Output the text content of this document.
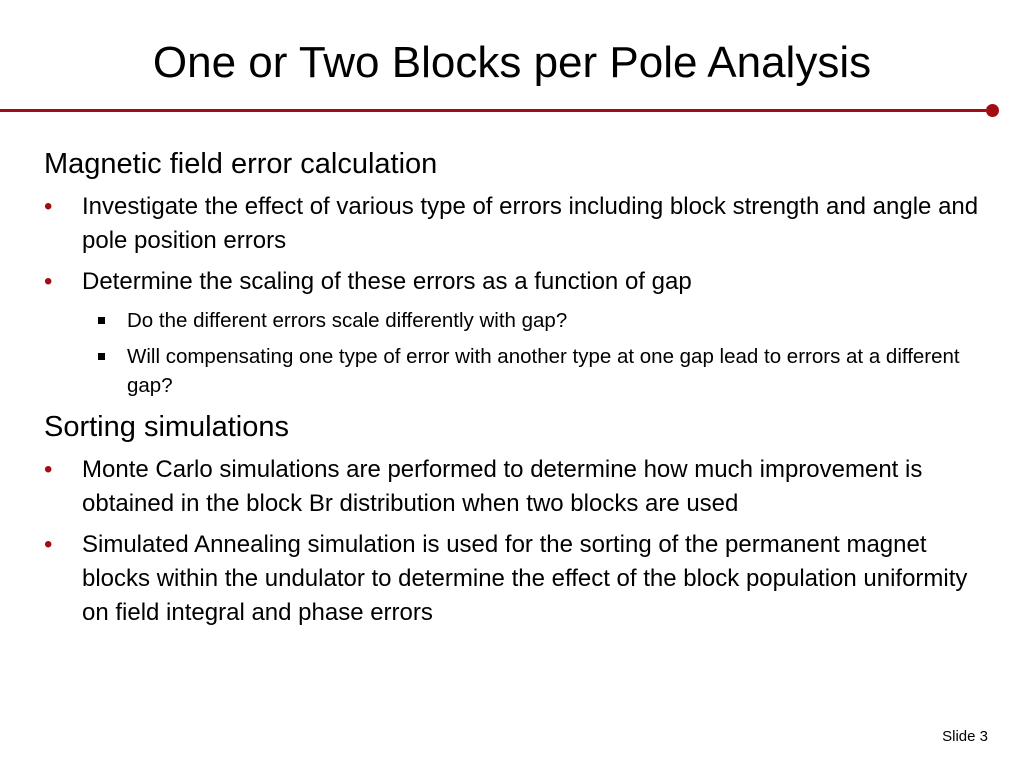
One or Two Blocks per Pole Analysis
Magnetic field error calculation
• Investigate the effect of various type of errors including block strength and angle and pole position errors
• Determine the scaling of these errors as a function of gap
Do the different errors scale differently with gap?
Will compensating one type of error with another type at one gap lead to errors at a different gap?
Sorting simulations
• Monte Carlo simulations are performed to determine how much improvement is obtained in the block Br distribution when two blocks are used
• Simulated Annealing simulation is used for the sorting of the permanent magnet blocks within the undulator to determine the effect of the block population uniformity on field integral and phase errors
Slide 3
